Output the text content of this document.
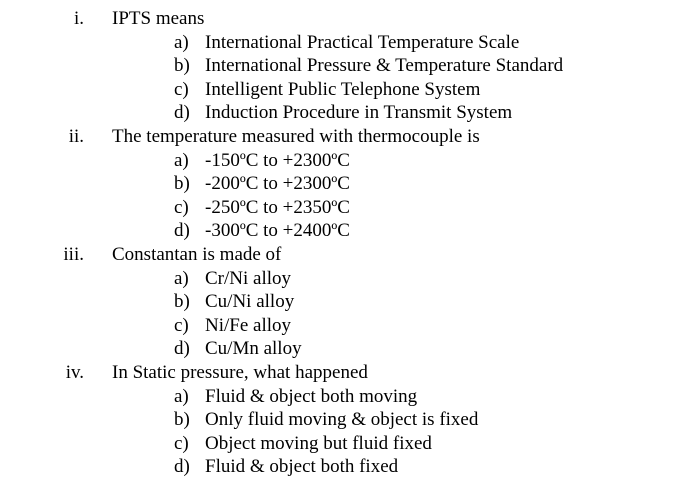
i. IPTS means
a) International Practical Temperature Scale
b) International Pressure & Temperature Standard
c) Intelligent Public Telephone System
d) Induction Procedure in Transmit System
ii. The temperature measured with thermocouple is
a) -150ºC to +2300ºC
b) -200ºC to +2300ºC
c) -250ºC to +2350ºC
d) -300ºC to +2400ºC
iii. Constantan is made of
a) Cr/Ni alloy
b) Cu/Ni alloy
c) Ni/Fe alloy
d) Cu/Mn alloy
iv. In Static pressure, what happened
a) Fluid & object both moving
b) Only fluid moving & object is fixed
c) Object moving but fluid fixed
d) Fluid & object both fixed
